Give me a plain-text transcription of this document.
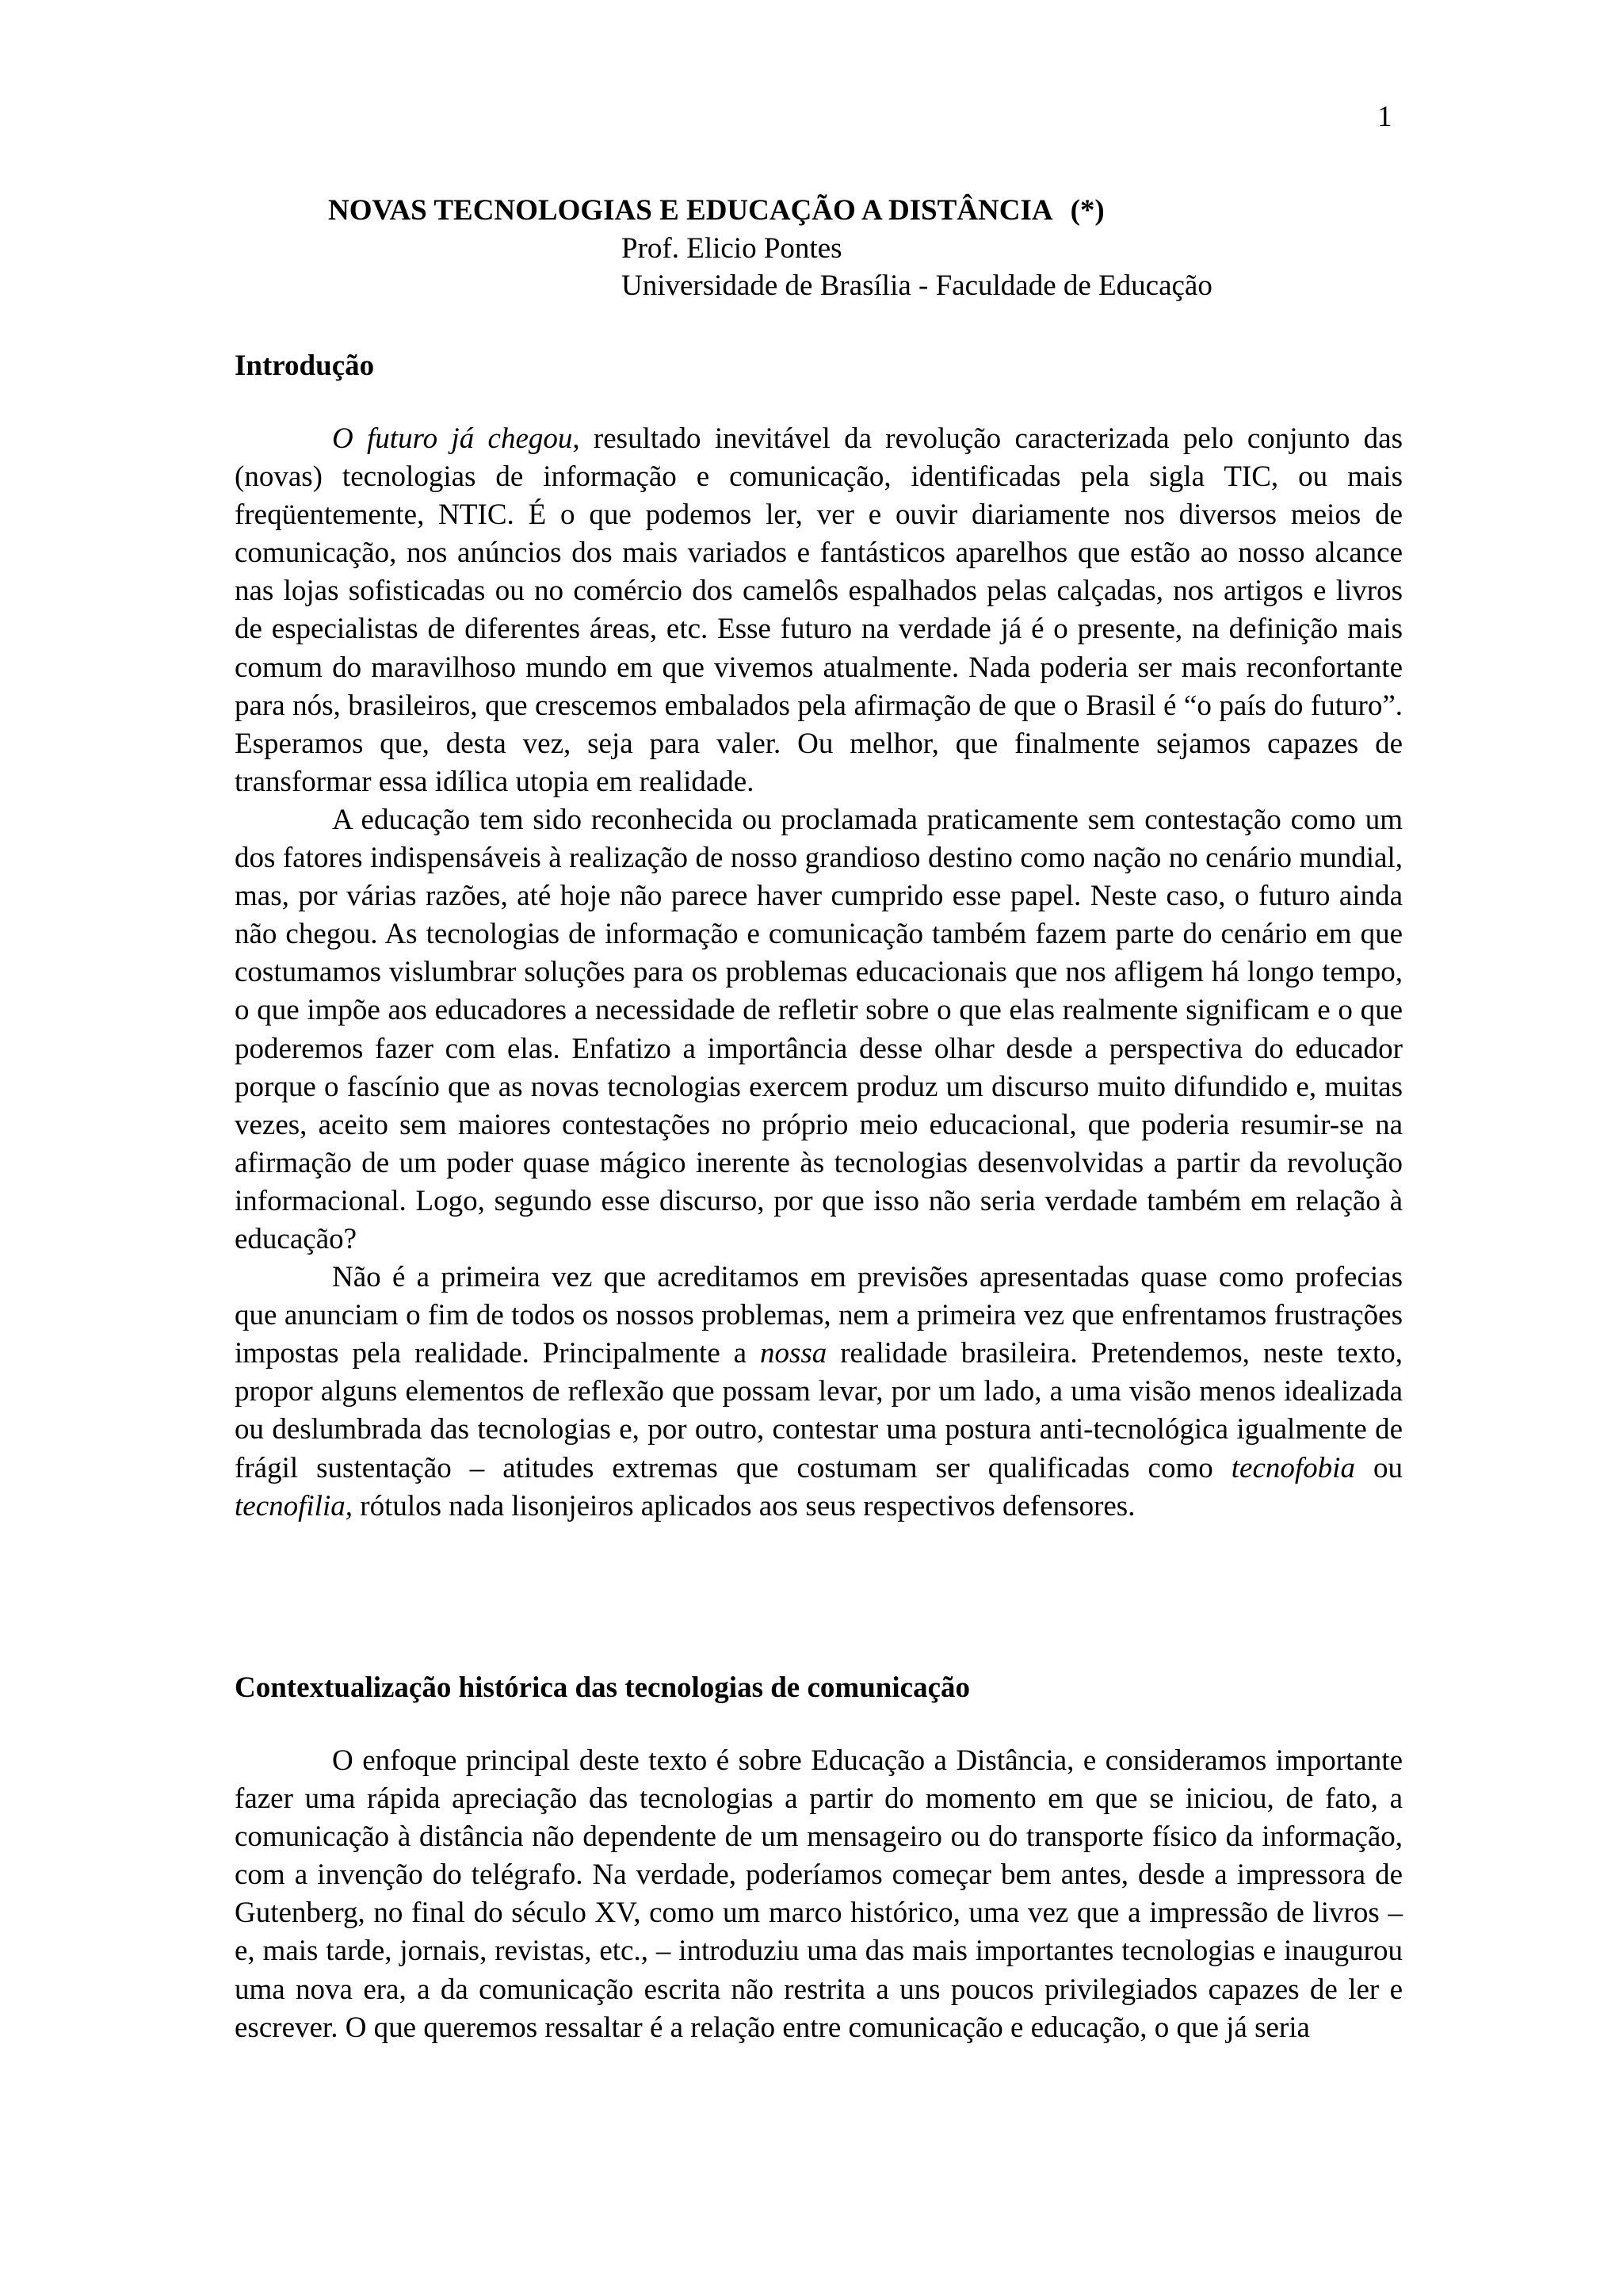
1
NOVAS TECNOLOGIAS E EDUCAÇÃO A DISTÂNCIA (*)
Prof. Elicio Pontes
Universidade de Brasília - Faculdade de Educação
Introdução

O futuro já chegou, resultado inevitável da revolução caracterizada pelo conjunto das (novas) tecnologias de informação e comunicação, identificadas pela sigla TIC, ou mais freqüentemente, NTIC. É o que podemos ler, ver e ouvir diariamente nos diversos meios de comunicação, nos anúncios dos mais variados e fantásticos aparelhos que estão ao nosso alcance nas lojas sofisticadas ou no comércio dos camelôs espalhados pelas calçadas, nos artigos e livros de especialistas de diferentes áreas, etc. Esse futuro na verdade já é o presente, na definição mais comum do maravilhoso mundo em que vivemos atualmente. Nada poderia ser mais reconfortante para nós, brasileiros, que crescemos embalados pela afirmação de que o Brasil é “o país do futuro”. Esperamos que, desta vez, seja para valer. Ou melhor, que finalmente sejamos capazes de transformar essa idílica utopia em realidade.

A educação tem sido reconhecida ou proclamada praticamente sem contestação como um dos fatores indispensáveis à realização de nosso grandioso destino como nação no cenário mundial, mas, por várias razões, até hoje não parece haver cumprido esse papel. Neste caso, o futuro ainda não chegou. As tecnologias de informação e comunicação também fazem parte do cenário em que costumamos vislumbrar soluções para os problemas educacionais que nos afligem há longo tempo, o que impõe aos educadores a necessidade de refletir sobre o que elas realmente significam e o que poderemos fazer com elas. Enfatizo a importância desse olhar desde a perspectiva do educador porque o fascínio que as novas tecnologias exercem produz um discurso muito difundido e, muitas vezes, aceito sem maiores contestações no próprio meio educacional, que poderia resumir-se na afirmação de um poder quase mágico inerente às tecnologias desenvolvidas a partir da revolução informacional. Logo, segundo esse discurso, por que isso não seria verdade também em relação à educação?

Não é a primeira vez que acreditamos em previsões apresentadas quase como profecias que anunciam o fim de todos os nossos problemas, nem a primeira vez que enfrentamos frustrações impostas pela realidade. Principalmente a nossa realidade brasileira. Pretendemos, neste texto, propor alguns elementos de reflexão que possam levar, por um lado, a uma visão menos idealizada ou deslumbrada das tecnologias e, por outro, contestar uma postura anti-tecnológica igualmente de frágil sustentação – atitudes extremas que costumam ser qualificadas como tecnofobia ou tecnofilia, rótulos nada lisonjeiros aplicados aos seus respectivos defensores.

Contextualização histórica das tecnologias de comunicação

O enfoque principal deste texto é sobre Educação a Distância, e consideramos importante fazer uma rápida apreciação das tecnologias a partir do momento em que se iniciou, de fato, a comunicação à distância não dependente de um mensageiro ou do transporte físico da informação, com a invenção do telégrafo. Na verdade, poderíamos começar bem antes, desde a impressora de Gutenberg, no final do século XV, como um marco histórico, uma vez que a impressão de livros – e, mais tarde, jornais, revistas, etc., – introduziu uma das mais importantes tecnologias e inaugurou uma nova era, a da comunicação escrita não restrita a uns poucos privilegiados capazes de ler e escrever. O que queremos ressaltar é a relação entre comunicação e educação, o que já seria
